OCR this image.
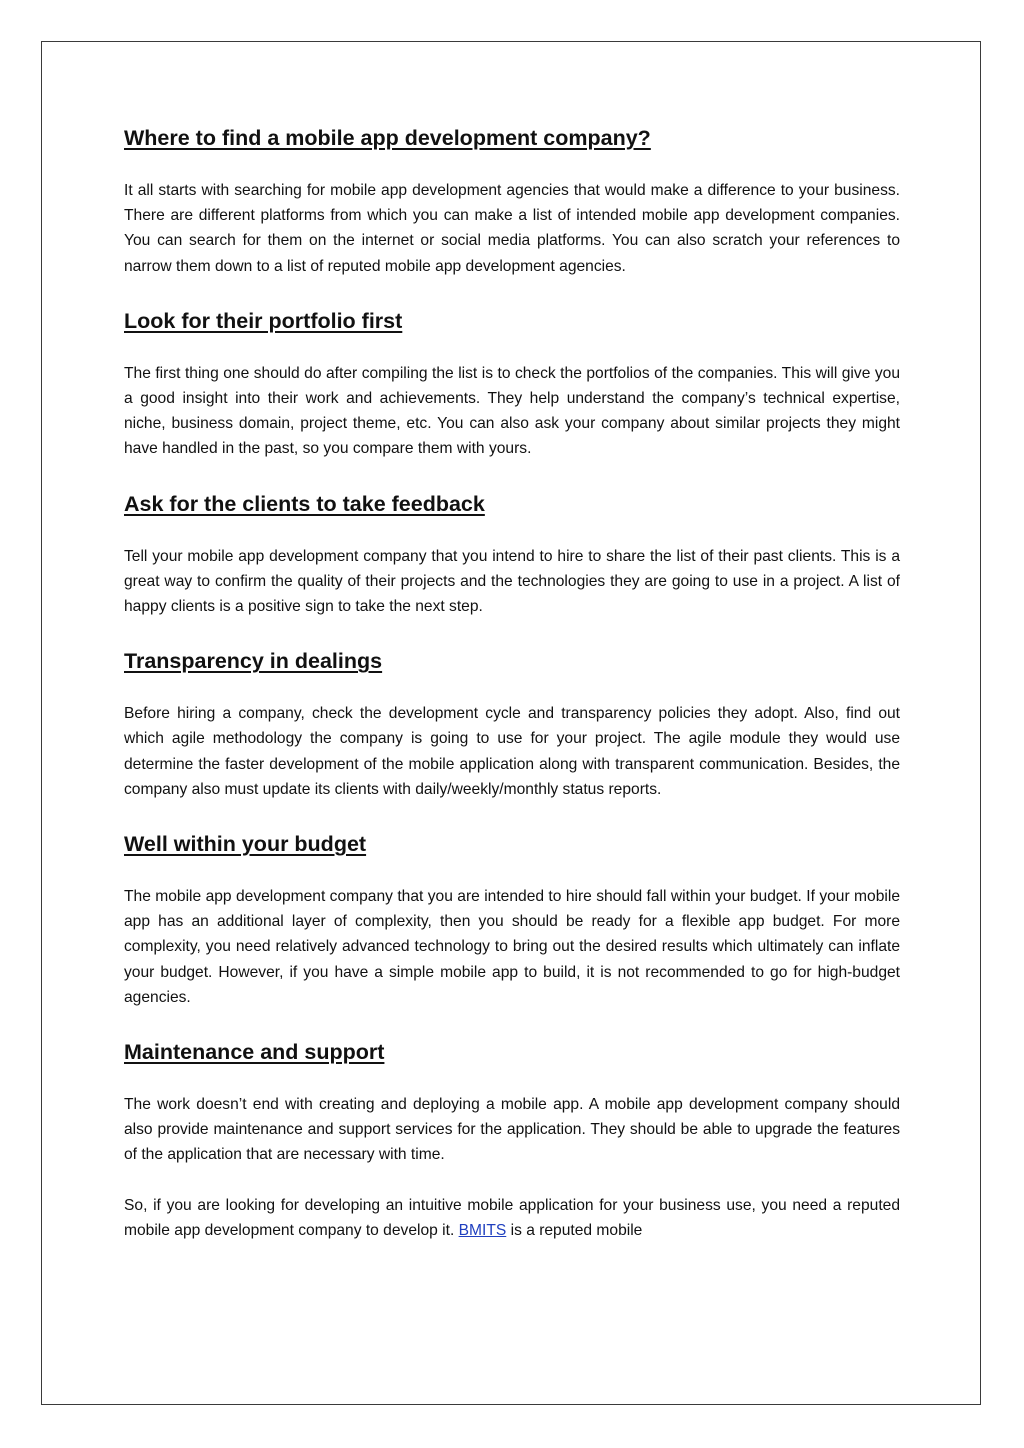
Where to find a mobile app development company?

It all starts with searching for mobile app development agencies that would make a difference to your business. There are different platforms from which you can make a list of intended mobile app development companies. You can search for them on the internet or social media platforms. You can also scratch your references to narrow them down to a list of reputed mobile app development agencies.

Look for their portfolio first

The first thing one should do after compiling the list is to check the portfolios of the companies. This will give you a good insight into their work and achievements. They help understand the company’s technical expertise, niche, business domain, project theme, etc. You can also ask your company about similar projects they might have handled in the past, so you compare them with yours.

Ask for the clients to take feedback

Tell your mobile app development company that you intend to hire to share the list of their past clients. This is a great way to confirm the quality of their projects and the technologies they are going to use in a project. A list of happy clients is a positive sign to take the next step.

Transparency in dealings

Before hiring a company, check the development cycle and transparency policies they adopt. Also, find out which agile methodology the company is going to use for your project. The agile module they would use determine the faster development of the mobile application along with transparent communication. Besides, the company also must update its clients with daily/weekly/monthly status reports.

Well within your budget

The mobile app development company that you are intended to hire should fall within your budget. If your mobile app has an additional layer of complexity, then you should be ready for a flexible app budget. For more complexity, you need relatively advanced technology to bring out the desired results which ultimately can inflate your budget. However, if you have a simple mobile app to build, it is not recommended to go for high-budget agencies.

Maintenance and support

The work doesn’t end with creating and deploying a mobile app. A mobile app development company should also provide maintenance and support services for the application. They should be able to upgrade the features of the application that are necessary with time.

So, if you are looking for developing an intuitive mobile application for your business use, you need a reputed mobile app development company to develop it. BMITS is a reputed mobile
